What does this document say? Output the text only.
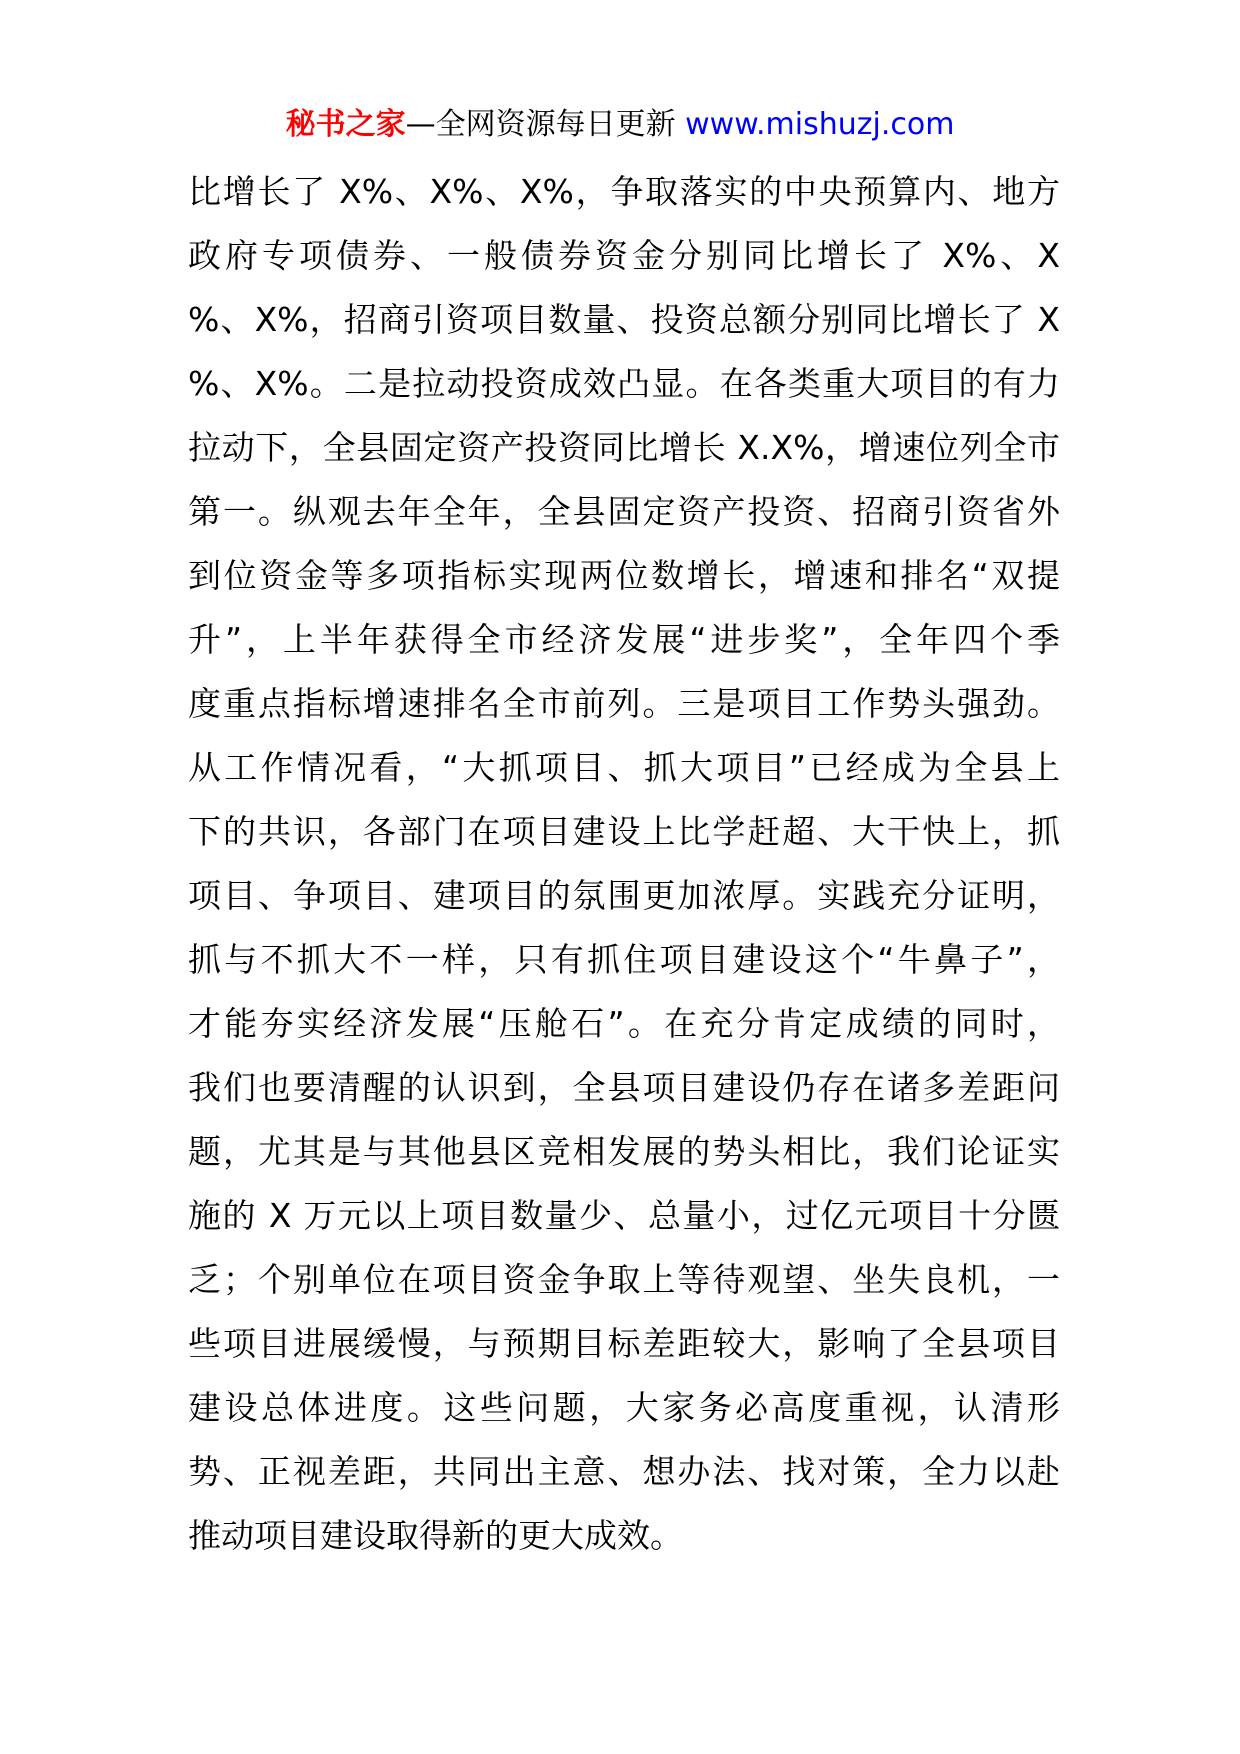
秘书之家—全网资源每日更新 www.mishuzj.com
比增长了 X%、X%、X%，争取落实的中央预算内、地方
政府专项债券、一般债券资金分别同比增长了 X%、X
%、X%，招商引资项目数量、投资总额分别同比增长了 X
%、X%。二是拉动投资成效凸显。在各类重大项目的有力
拉动下，全县固定资产投资同比增长 X.X%，增速位列全市
第一。纵观去年全年，全县固定资产投资、招商引资省外
到位资金等多项指标实现两位数增长，增速和排名“双提
升”，上半年获得全市经济发展“进步奖”，全年四个季
度重点指标增速排名全市前列。三是项目工作势头强劲。
从工作情况看，“大抓项目、抓大项目”已经成为全县上
下的共识，各部门在项目建设上比学赶超、大干快上，抓
项目、争项目、建项目的氛围更加浓厚。实践充分证明，
抓与不抓大不一样，只有抓住项目建设这个“牛鼻子”，
才能夯实经济发展“压舱石”。在充分肯定成绩的同时，
我们也要清醒的认识到，全县项目建设仍存在诸多差距问
题，尤其是与其他县区竞相发展的势头相比，我们论证实
施的 X 万元以上项目数量少、总量小，过亿元项目十分匮
乏；个别单位在项目资金争取上等待观望、坐失良机，一
些项目进展缓慢，与预期目标差距较大，影响了全县项目
建设总体进度。这些问题，大家务必高度重视，认清形
势、正视差距，共同出主意、想办法、找对策，全力以赴
推动项目建设取得新的更大成效。
